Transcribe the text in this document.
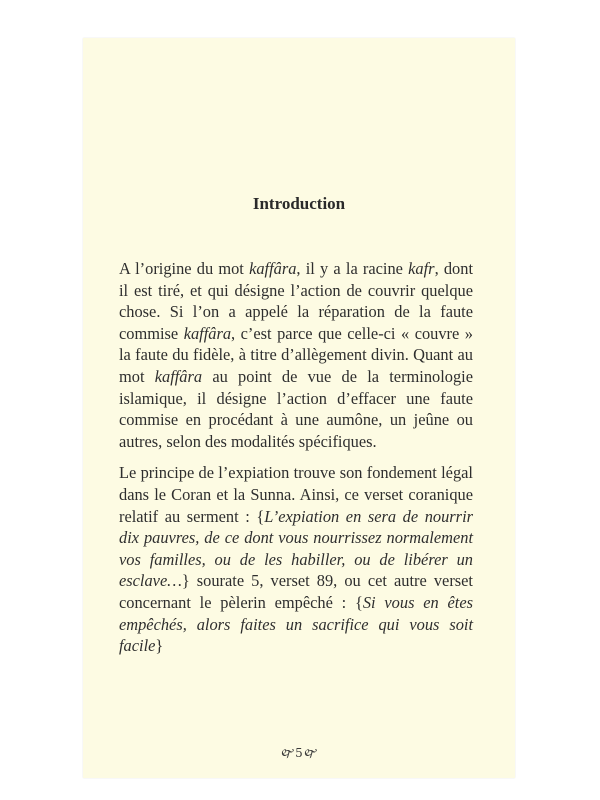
Introduction

A l’origine du mot kaffâra, il y a la racine kafr, dont il est tiré, et qui désigne l’action de couvrir quelque chose. Si l’on a appelé la réparation de la faute commise kaffâra, c’est parce que celle-ci « couvre » la faute du fidèle, à titre d’allègement divin. Quant au mot kaffâra au point de vue de la terminologie islamique, il désigne l’action d’effacer une faute commise en procédant à une aumône, un jeûne ou autres, selon des modalités spécifiques.

Le principe de l’expiation trouve son fondement légal dans le Coran et la Sunna. Ainsi, ce verset coranique relatif au serment : {L’expiation en sera de nourrir dix pauvres, de ce dont vous nourrissez normalement vos familles, ou de les habiller, ou de libérer un esclave…} sourate 5, verset 89, ou cet autre verset concernant le pèlerin empêché : {Si vous en êtes empêchés, alors faites un sacrifice qui vous soit facile}

🙰5🙰
